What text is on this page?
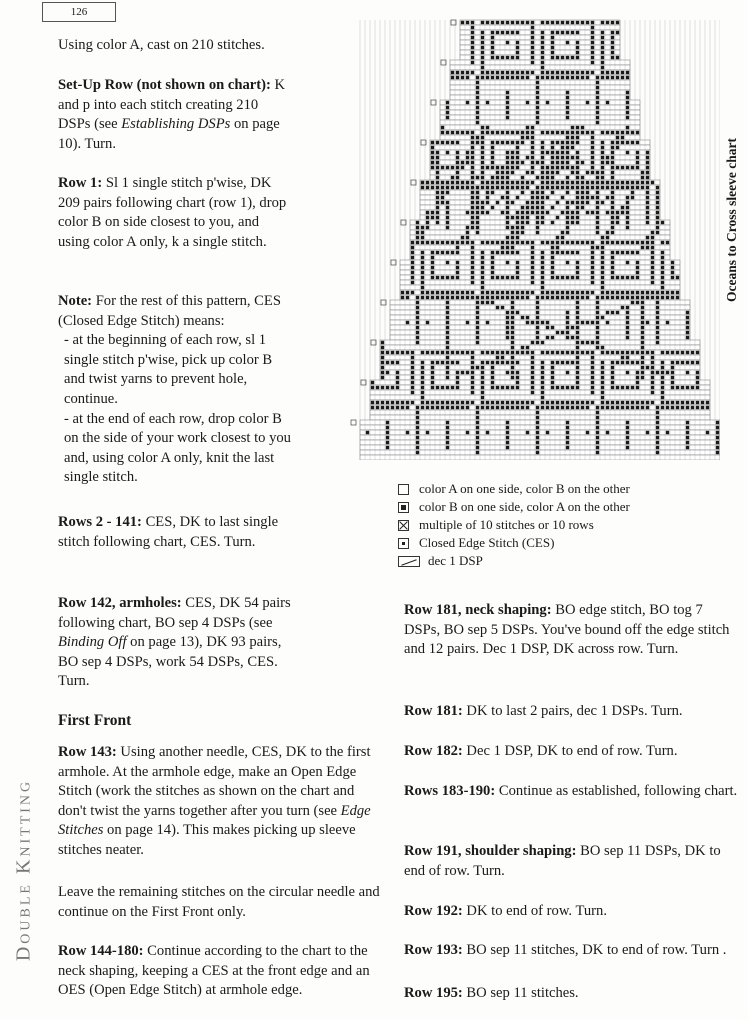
126
Double Knitting

Using color A, cast on 210 stitches.

Set-Up Row (not shown on chart): K and p into each stitch creating 210 DSPs (see Establishing DSPs on page 10). Turn.

Row 1: Sl 1 single stitch p'wise, DK 209 pairs following chart (row 1), drop color B on side closest to you, and using color A only, k a single stitch.

Note: For the rest of this pattern, CES (Closed Edge Stitch) means:
- at the beginning of each row, sl 1 single stitch p'wise, pick up color B and twist yarns to prevent hole, continue.
- at the end of each row, drop color B on the side of your work closest to you and, using color A only, knit the last single stitch.

Rows 2 - 141: CES, DK to last single stitch following chart, CES. Turn.

Row 142, armholes: CES, DK 54 pairs following chart, BO sep 4 DSPs (see Binding Off on page 13), DK 93 pairs, BO sep 4 DSPs, work 54 DSPs, CES. Turn.

First Front

Row 143: Using another needle, CES, DK to the first armhole. At the armhole edge, make an Open Edge Stitch (work the stitches as shown on the chart and don't twist the yarns together after you turn (see Edge Stitches on page 14). This makes picking up sleeve stitches neater.

Leave the remaining stitches on the circular needle and continue on the First Front only.

Row 144-180: Continue according to the chart to the neck shaping, keeping a CES at the front edge and an OES (Open Edge Stitch) at armhole edge.

Oceans to Cross sleeve chart
color A on one side, color B on the other
color B on one side, color A on the other
multiple of 10 stitches or 10 rows
Closed Edge Stitch (CES)
dec 1 DSP

Row 181, neck shaping: BO edge stitch, BO tog 7 DSPs, BO sep 5 DSPs. You've bound off the edge stitch and 12 pairs. Dec 1 DSP, DK across row. Turn.

Row 181: DK to last 2 pairs, dec 1 DSPs. Turn.

Row 182: Dec 1 DSP, DK to end of row. Turn.

Rows 183-190: Continue as established, following chart.

Row 191, shoulder shaping: BO sep 11 DSPs, DK to end of row. Turn.

Row 192: DK to end of row. Turn.

Row 193: BO sep 11 stitches, DK to end of row. Turn .

Row 195: BO sep 11 stitches.
